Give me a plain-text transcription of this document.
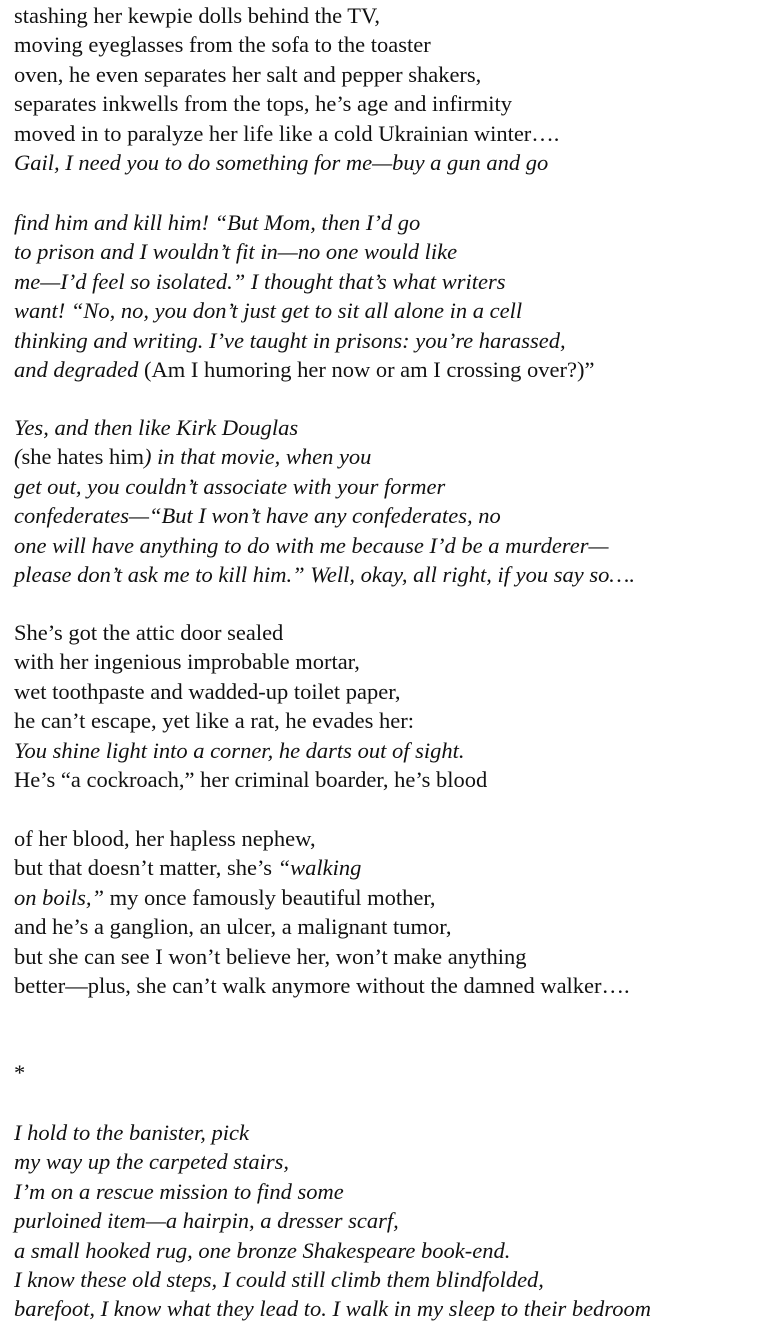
stashing her kewpie dolls behind the TV,
moving eyeglasses from the sofa to the toaster
oven, he even separates her salt and pepper shakers,
separates inkwells from the tops, he’s age and infirmity
moved in to paralyze her life like a cold Ukrainian winter….
Gail, I need you to do something for me—buy a gun and go
find him and kill him! “But Mom, then I’d go
to prison and I wouldn’t fit in—no one would like
me—I’d feel so isolated.” I thought that’s what writers
want! “No, no, you don’t just get to sit all alone in a cell
thinking and writing. I’ve taught in prisons: you’re harassed,
and degraded (Am I humoring her now or am I crossing over?)”
Yes, and then like Kirk Douglas
(she hates him) in that movie, when you
get out, you couldn’t associate with your former
confederates—“But I won’t have any confederates, no
one will have anything to do with me because I’d be a murderer—
please don’t ask me to kill him.” Well, okay, all right, if you say so….
She’s got the attic door sealed
with her ingenious improbable mortar,
wet toothpaste and wadded-up toilet paper,
he can’t escape, yet like a rat, he evades her:
You shine light into a corner, he darts out of sight.
He’s “a cockroach,” her criminal boarder, he’s blood
of her blood, her hapless nephew,
but that doesn’t matter, she’s “walking
on boils,” my once famously beautiful mother,
and he’s a ganglion, an ulcer, a malignant tumor,
but she can see I won’t believe her, won’t make anything
better—plus, she can’t walk anymore without the damned walker….
*
I hold to the banister, pick
my way up the carpeted stairs,
I’m on a rescue mission to find some
purloined item—a hairpin, a dresser scarf,
a small hooked rug, one bronze Shakespeare book-end.
I know these old steps, I could still climb them blindfolded,
barefoot, I know what they lead to. I walk in my sleep to their bedroom
